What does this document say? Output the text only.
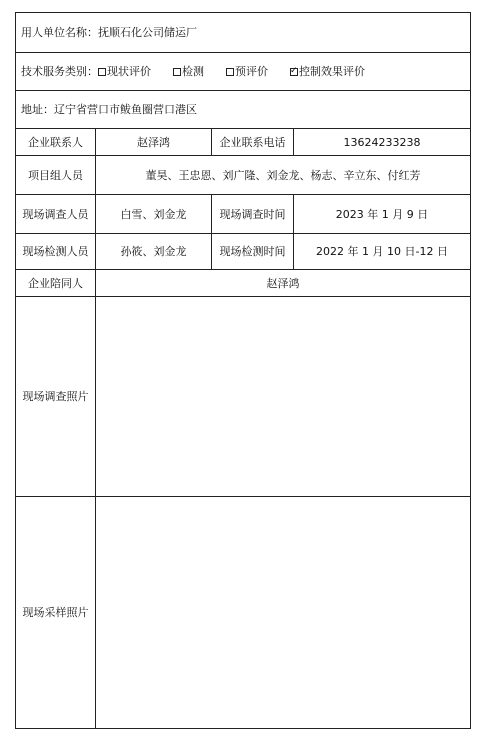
用人单位名称：抚顺石化公司储运厂			
技术服务类别： 现状评价 检测 预评价 ✓ 控制效果评价
地址：辽宁省营口市鲅鱼圈营口港区			
企业联系人	赵泽鸿	企业联系电话	13624233238
项目组人员	董昊、王忠恩、刘广隆、刘金龙、杨志、辛立东、付红芳		
现场调查人员	白雪、刘金龙	现场调查时间	2023 年 1 月 9 日
现场检测人员	孙筱、刘金龙	现场检测时间	2022 年 1 月 10 日-12 日
企业陪同人	赵泽鸿		
现场调查照片			
现场采样照片			
